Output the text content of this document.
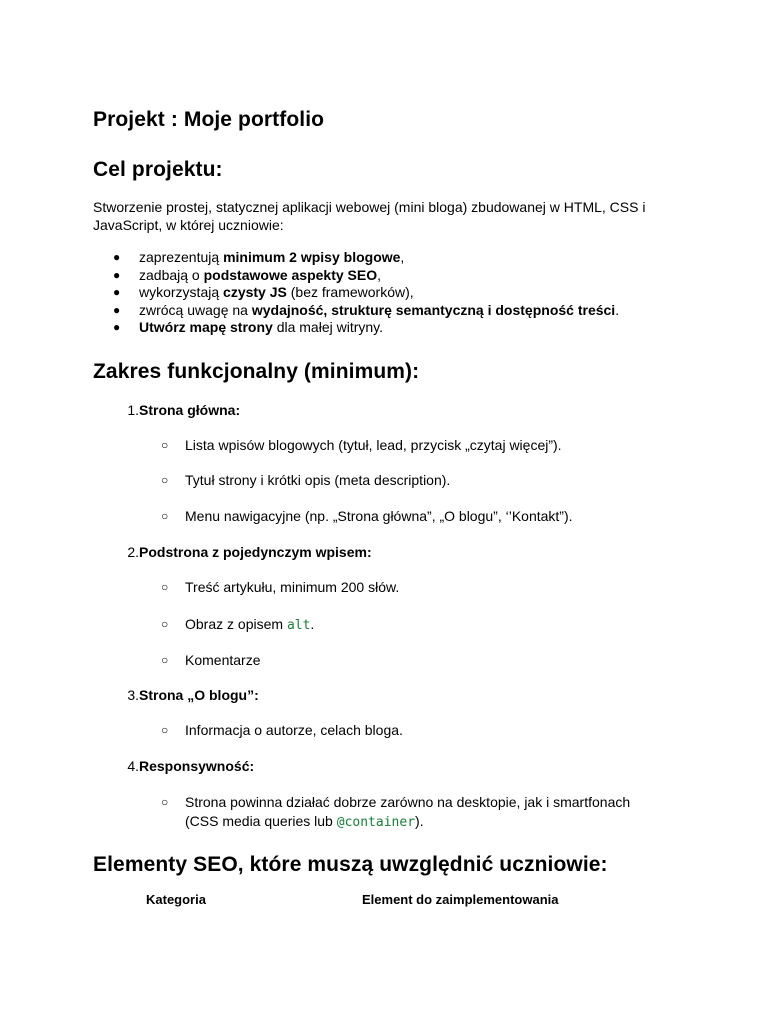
Projekt : Moje portfolio
Cel projektu:
Stworzenie prostej, statycznej aplikacji webowej (mini bloga) zbudowanej w HTML, CSS i JavaScript, w której uczniowie:
● zaprezentują minimum 2 wpisy blogowe,
● zadbają o podstawowe aspekty SEO,
● wykorzystają czysty JS (bez frameworków),
● zwrócą uwagę na wydajność, strukturę semantyczną i dostępność treści.
● Utwórz mapę strony dla małej witryny.
Zakres funkcjonalny (minimum):
1.Strona główna:
○	Lista wpisów blogowych (tytuł, lead, przycisk „czytaj więcej”).
○	Tytuł strony i krótki opis (meta description).
○	Menu nawigacyjne (np. „Strona główna”, „O blogu”, ‘’Kontakt”).
2.Podstrona z pojedynczym wpisem:
○	Treść artykułu, minimum 200 słów.
○	Obraz z opisem alt.
○	Komentarze
3.Strona „O blogu”:
○	Informacja o autorze, celach bloga.
4.Responsywność:
○	Strona powinna działać dobrze zarówno na desktopie, jak i smartfonach (CSS media queries lub @container).
Elementy SEO, które muszą uwzględnić uczniowie:
Kategoria	Element do zaimplementowania
